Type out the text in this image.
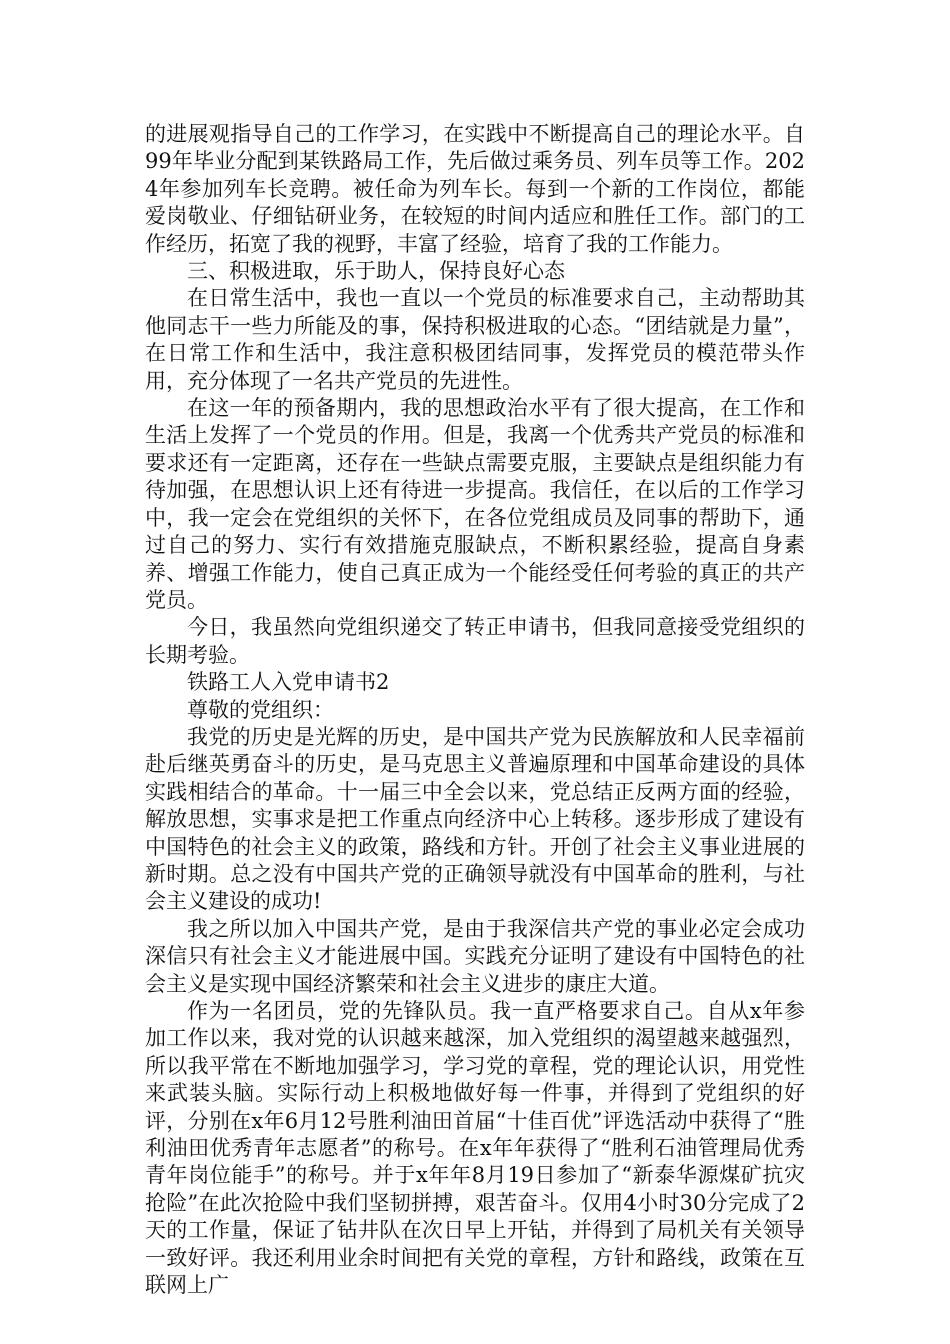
的进展观指导自己的工作学习，在实践中不断提高自己的理论水平。自99年毕业分配到某铁路局工作，先后做过乘务员、列车员等工作。2024年参加列车长竞聘。被任命为列车长。每到一个新的工作岗位，都能爱岗敬业、仔细钻研业务，在较短的时间内适应和胜任工作。部门的工作经历，拓宽了我的视野，丰富了经验，培育了我的工作能力。

三、积极进取，乐于助人，保持良好心态

在日常生活中，我也一直以一个党员的标准要求自己，主动帮助其他同志干一些力所能及的事，保持积极进取的心态。“团结就是力量”，在日常工作和生活中，我注意积极团结同事，发挥党员的模范带头作用，充分体现了一名共产党员的先进性。

在这一年的预备期内，我的思想政治水平有了很大提高，在工作和生活上发挥了一个党员的作用。但是，我离一个优秀共产党员的标准和要求还有一定距离，还存在一些缺点需要克服，主要缺点是组织能力有待加强，在思想认识上还有待进一步提高。我信任，在以后的工作学习中，我一定会在党组织的关怀下，在各位党组成员及同事的帮助下，通过自己的努力、实行有效措施克服缺点，不断积累经验，提高自身素养、增强工作能力，使自己真正成为一个能经受任何考验的真正的共产党员。

今日，我虽然向党组织递交了转正申请书，但我同意接受党组织的长期考验。

铁路工人入党申请书2

尊敬的党组织：

我党的历史是光辉的历史，是中国共产党为民族解放和人民幸福前赴后继英勇奋斗的历史，是马克思主义普遍原理和中国革命建设的具体实践相结合的革命。十一届三中全会以来，党总结正反两方面的经验，解放思想，实事求是把工作重点向经济中心上转移。逐步形成了建设有中国特色的社会主义的政策，路线和方针。开创了社会主义事业进展的新时期。总之没有中国共产党的正确领导就没有中国革命的胜利，与社会主义建设的成功!

我之所以加入中国共产党，是由于我深信共产党的事业必定会成功深信只有社会主义才能进展中国。实践充分证明了建设有中国特色的社会主义是实现中国经济繁荣和社会主义进步的康庄大道。

作为一名团员，党的先锋队员。我一直严格要求自己。自从x年参加工作以来，我对党的认识越来越深，加入党组织的渴望越来越强烈，所以我平常在不断地加强学习，学习党的章程，党的理论认识，用党性来武装头脑。实际行动上积极地做好每一件事，并得到了党组织的好评，分别在x年6月12号胜利油田首届“十佳百优”评选活动中获得了“胜利油田优秀青年志愿者”的称号。在x年年获得了“胜利石油管理局优秀青年岗位能手”的称号。并于x年年8月19日参加了“新泰华源煤矿抗灾抢险”在此次抢险中我们坚韧拼搏，艰苦奋斗。仅用4小时30分完成了2天的工作量，保证了钻井队在次日早上开钻，并得到了局机关有关领导一致好评。我还利用业余时间把有关党的章程，方针和路线，政策在互联网上广
